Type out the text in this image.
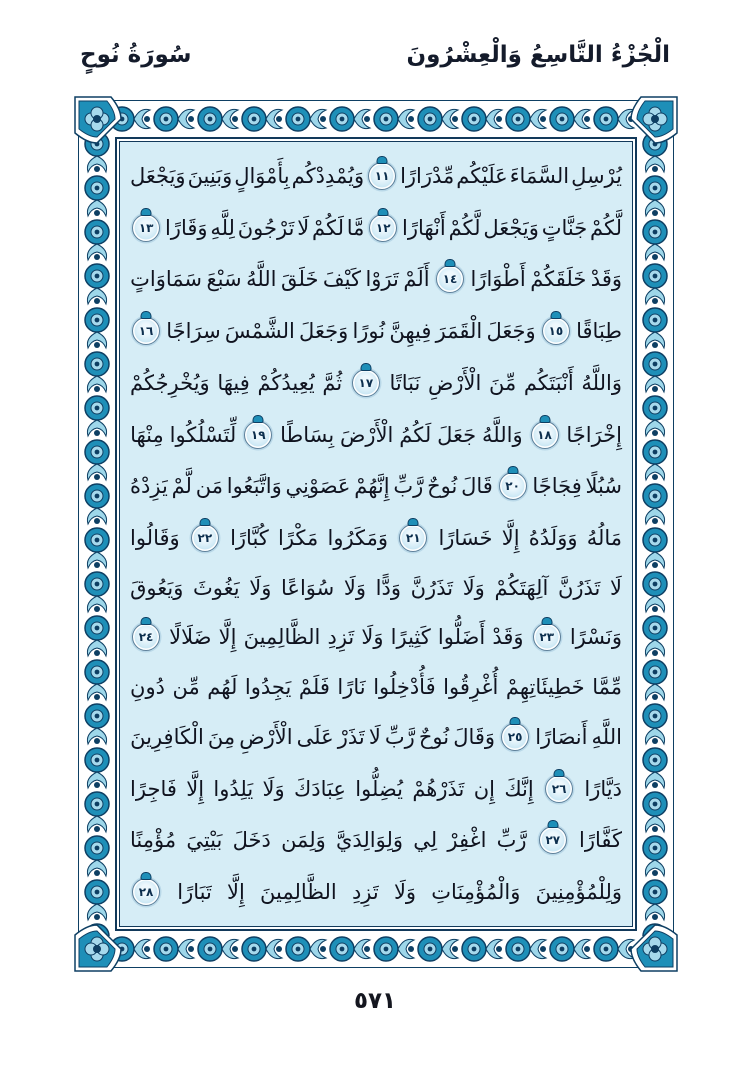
الْجُزْءُ التَّاسِعُ وَالْعِشْرُونَ
سُورَةُ نُوحٍ
يُرْسِلِ
السَّمَاءَ
عَلَيْكُم
مِّدْرَارًا
١١
وَيُمْدِدْكُم
بِأَمْوَالٍ
وَبَنِينَ
وَيَجْعَل
لَّكُمْ
جَنَّاتٍ
وَيَجْعَل
لَّكُمْ
أَنْهَارًا
١٢
مَّا
لَكُمْ
لَا
تَرْجُونَ
لِلَّهِ
وَقَارًا
١٣
وَقَدْ
خَلَقَكُمْ
أَطْوَارًا
١٤
أَلَمْ
تَرَوْا
كَيْفَ
خَلَقَ
اللَّهُ
سَبْعَ
سَمَاوَاتٍ
طِبَاقًا
١٥
وَجَعَلَ
الْقَمَرَ
فِيهِنَّ
نُورًا
وَجَعَلَ
الشَّمْسَ
سِرَاجًا
١٦
وَاللَّهُ
أَنْبَتَكُم
مِّنَ
الْأَرْضِ
نَبَاتًا
١٧
ثُمَّ
يُعِيدُكُمْ
فِيهَا
وَيُخْرِجُكُمْ
إِخْرَاجًا
١٨
وَاللَّهُ
جَعَلَ
لَكُمُ
الْأَرْضَ
بِسَاطًا
١٩
لِّتَسْلُكُوا
مِنْهَا
سُبُلًا
فِجَاجًا
٢٠
قَالَ
نُوحٌ
رَّبِّ
إِنَّهُمْ
عَصَوْنِي
وَاتَّبَعُوا
مَن
لَّمْ
يَزِدْهُ
مَالُهُ
وَوَلَدُهُ
إِلَّا
خَسَارًا
٢١
وَمَكَرُوا
مَكْرًا
كُبَّارًا
٢٢
وَقَالُوا
لَا
تَذَرُنَّ
آلِهَتَكُمْ
وَلَا
تَذَرُنَّ
وَدًّا
وَلَا
سُوَاعًا
وَلَا
يَغُوثَ
وَيَعُوقَ
وَنَسْرًا
٢٣
وَقَدْ
أَضَلُّوا
كَثِيرًا
وَلَا
تَزِدِ
الظَّالِمِينَ
إِلَّا
ضَلَالًا
٢٤
مِّمَّا
خَطِيئَاتِهِمْ
أُغْرِقُوا
فَأُدْخِلُوا
نَارًا
فَلَمْ
يَجِدُوا
لَهُم
مِّن
دُونِ
اللَّهِ
أَنصَارًا
٢٥
وَقَالَ
نُوحٌ
رَّبِّ
لَا
تَذَرْ
عَلَى
الْأَرْضِ
مِنَ
الْكَافِرِينَ
دَيَّارًا
٢٦
إِنَّكَ
إِن
تَذَرْهُمْ
يُضِلُّوا
عِبَادَكَ
وَلَا
يَلِدُوا
إِلَّا
فَاجِرًا
كَفَّارًا
٢٧
رَّبِّ
اغْفِرْ
لِي
وَلِوَالِدَيَّ
وَلِمَن
دَخَلَ
بَيْتِيَ
مُؤْمِنًا
وَلِلْمُؤْمِنِينَ
وَالْمُؤْمِنَاتِ
وَلَا
تَزِدِ
الظَّالِمِينَ
إِلَّا
تَبَارًا
٢٨
٥٧١
